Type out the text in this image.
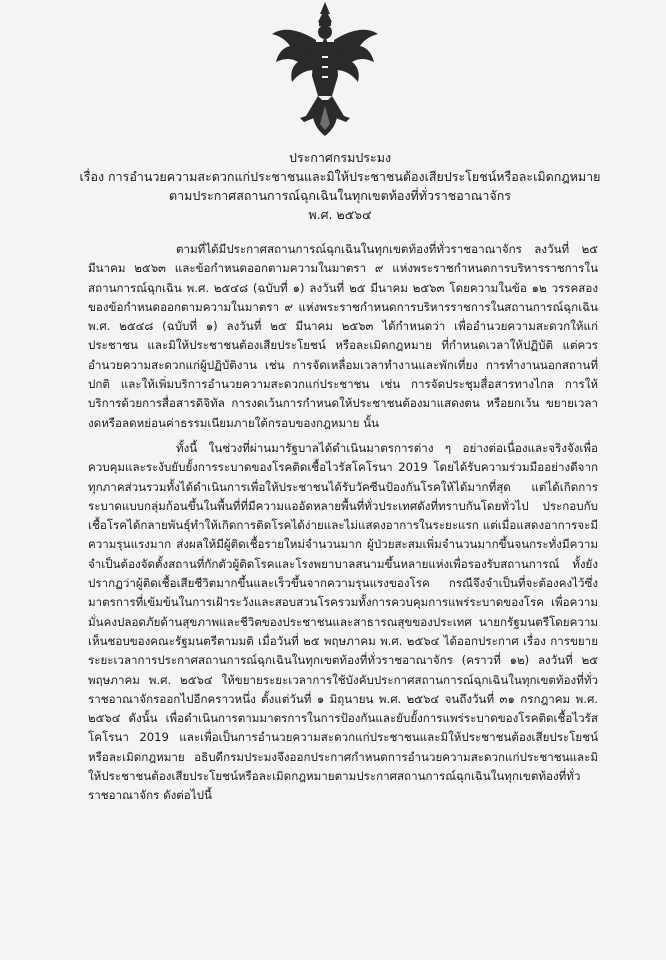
ประกาศกรมประมง
เรื่อง การอำนวยความสะดวกแก่ประชาชนและมิให้ประชาชนต้องเสียประโยชน์หรือละเมิดกฎหมาย
ตามประกาศสถานการณ์ฉุกเฉินในทุกเขตท้องที่ทั่วราชอาณาจักร
พ.ศ. ๒๕๖๔

ตามที่ได้มีประกาศสถานการณ์ฉุกเฉินในทุกเขตท้องที่ทั่วราชอาณาจักร ลงวันที่ ๒๕ มีนาคม ๒๕๖๓ และข้อกำหนดออกตามความในมาตรา ๙ แห่งพระราชกำหนดการบริหารราชการในสถานการณ์ฉุกเฉิน พ.ศ. ๒๕๔๘ (ฉบับที่ ๑) ลงวันที่ ๒๕ มีนาคม ๒๕๖๓ โดยความในข้อ ๑๒ วรรคสอง ของข้อกำหนดออกตามความในมาตรา ๙ แห่งพระราชกำหนดการบริหารราชการในสถานการณ์ฉุกเฉิน พ.ศ. ๒๕๔๘ (ฉบับที่ ๑) ลงวันที่ ๒๕ มีนาคม ๒๕๖๓ ได้กำหนดว่า เพื่ออำนวยความสะดวกให้แก่ประชาชน และมิให้ประชาชนต้องเสียประโยชน์ หรือละเมิดกฎหมาย ที่กำหนดเวลาให้ปฏิบัติ แต่ควรอำนวยความสะดวกแก่ผู้ปฏิบัติงาน เช่น การจัดเหลื่อมเวลาทำงานและพักเที่ยง การทำงานนอกสถานที่ปกติ และให้เพิ่มบริการอำนวยความสะดวกแก่ประชาชน เช่น การจัดประชุมสื่อสารทางไกล การให้บริการด้วยการสื่อสารดิจิทัล การงดเว้นการกำหนดให้ประชาชนต้องมาแสดงตน หรือยกเว้น ขยายเวลา งดหรือลดหย่อนค่าธรรมเนียมภายใต้กรอบของกฎหมาย นั้น

ทั้งนี้ ในช่วงที่ผ่านมารัฐบาลได้ดำเนินมาตรการต่าง ๆ อย่างต่อเนื่องและจริงจังเพื่อควบคุมและระงับยับยั้งการระบาดของโรคติดเชื้อไวรัสโคโรนา 2019 โดยได้รับความร่วมมืออย่างดีจากทุกภาคส่วนรวมทั้งได้ดำเนินการเพื่อให้ประชาชนได้รับวัคซีนป้องกันโรคให้ได้มากที่สุด แต่ได้เกิดการระบาดแบบกลุ่มก้อนขึ้นในพื้นที่ที่มีความแออัดหลายพื้นที่ทั่วประเทศดังที่ทราบกันโดยทั่วไป ประกอบกับเชื้อโรคได้กลายพันธุ์ทำให้เกิดการติดโรคได้ง่ายและไม่แสดงอาการในระยะแรก แต่เมื่อแสดงอาการจะมีความรุนแรงมาก ส่งผลให้มีผู้ติดเชื้อรายใหม่จำนวนมาก ผู้ป่วยสะสมเพิ่มจำนวนมากขึ้นจนกระทั่งมีความจำเป็นต้องจัดตั้งสถานที่กักตัวผู้ติดโรคและโรงพยาบาลสนามขึ้นหลายแห่งเพื่อรองรับสถานการณ์ ทั้งยังปรากฏว่าผู้ติดเชื้อเสียชีวิตมากขึ้นและเร็วขึ้นจากความรุนแรงของโรค กรณีจึงจำเป็นที่จะต้องคงไว้ซึ่งมาตรการที่เข้มข้นในการเฝ้าระวังและสอบสวนโรครวมทั้งการควบคุมการแพร่ระบาดของโรค เพื่อความมั่นคงปลอดภัยด้านสุขภาพและชีวิตของประชาชนและสาธารณสุขของประเทศ นายกรัฐมนตรีโดยความเห็นชอบของคณะรัฐมนตรีตามมติ เมื่อวันที่ ๒๕ พฤษภาคม พ.ศ. ๒๕๖๔ ได้ออกประกาศ เรื่อง การขยายระยะเวลาการประกาศสถานการณ์ฉุกเฉินในทุกเขตท้องที่ทั่วราชอาณาจักร (คราวที่ ๑๒) ลงวันที่ ๒๕ พฤษภาคม พ.ศ. ๒๕๖๔ ให้ขยายระยะเวลาการใช้บังคับประกาศสถานการณ์ฉุกเฉินในทุกเขตท้องที่ทั่วราชอาณาจักรออกไปอีกคราวหนึ่ง ตั้งแต่วันที่ ๑ มิถุนายน พ.ศ. ๒๕๖๔ จนถึงวันที่ ๓๑ กรกฎาคม พ.ศ. ๒๕๖๔ ดังนั้น เพื่อดำเนินการตามมาตรการในการป้องกันและยับยั้งการแพร่ระบาดของโรคติดเชื้อไวรัสโคโรนา 2019 และเพื่อเป็นการอำนวยความสะดวกแก่ประชาชนและมิให้ประชาชนต้องเสียประโยชน์หรือละเมิดกฎหมาย อธิบดีกรมประมงจึงออกประกาศกำหนดการอำนวยความสะดวกแก่ประชาชนและมิให้ประชาชนต้องเสียประโยชน์หรือละเมิดกฎหมายตามประกาศสถานการณ์ฉุกเฉินในทุกเขตท้องที่ทั่วราชอาณาจักร ดังต่อไปนี้
